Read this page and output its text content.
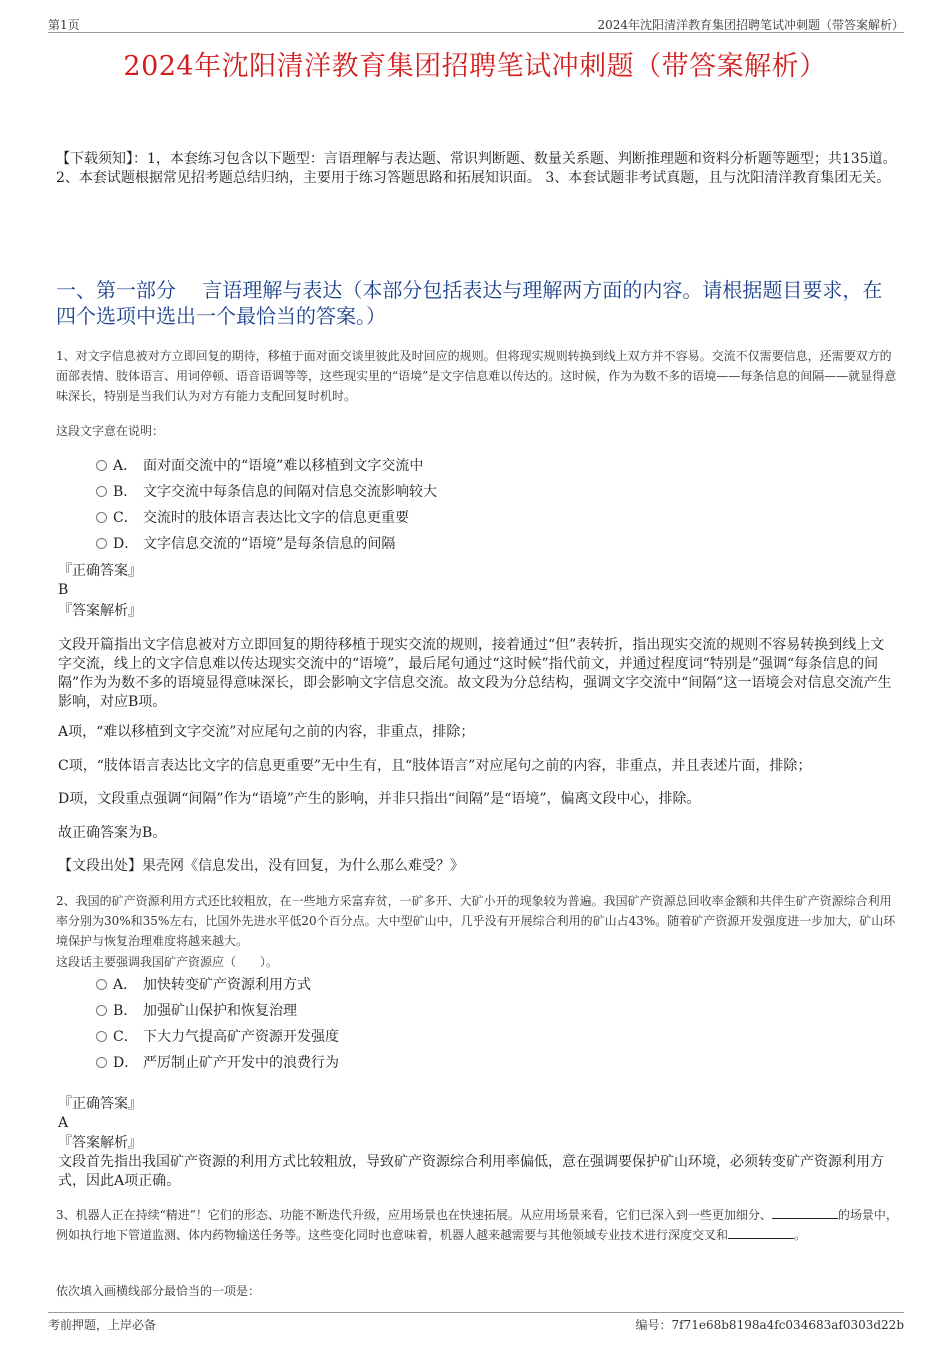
第1页	2024年沈阳清洋教育集团招聘笔试冲刺题（带答案解析）
2024年沈阳清洋教育集团招聘笔试冲刺题（带答案解析）
【下载须知】：1，本套练习包含以下题型：言语理解与表达题、常识判断题、数量关系题、判断推理题和资料分析题等题型；共135道。 2、本套试题根据常见招考题总结归纳，主要用于练习答题思路和拓展知识面。 3、本套试题非考试真题，且与沈阳清洋教育集团无关。
一、第一部分　 言语理解与表达（本部分包括表达与理解两方面的内容。请根据题目要求，在四个选项中选出一个最恰当的答案。）
1、对文字信息被对方立即回复的期待，移植于面对面交谈里彼此及时回应的规则。但将现实规则转换到线上双方并不容易。交流不仅需要信息，还需要双方的面部表情、肢体语言、用词停顿、语音语调等等，这些现实里的“语境”是文字信息难以传达的。这时候，作为为数不多的语境——每条信息的间隔——就显得意味深长，特别是当我们认为对方有能力支配回复时机时。
这段文字意在说明：
A． 面对面交流中的“语境”难以移植到文字交流中
B． 文字交流中每条信息的间隔对信息交流影响较大
C． 交流时的肢体语言表达比文字的信息更重要
D． 文字信息交流的“语境”是每条信息的间隔
『正确答案』
B
『答案解析』
文段开篇指出文字信息被对方立即回复的期待移植于现实交流的规则，接着通过“但”表转折，指出现实交流的规则不容易转换到线上文字交流，线上的文字信息难以传达现实交流中的“语境”，最后尾句通过“这时候”指代前文，并通过程度词“特别是”强调“每条信息的间隔”作为为数不多的语境显得意味深长，即会影响文字信息交流。故文段为分总结构，强调文字交流中“间隔”这一语境会对信息交流产生影响，对应B项。
A项，“难以移植到文字交流”对应尾句之前的内容，非重点，排除；
C项，“肢体语言表达比文字的信息更重要”无中生有，且“肢体语言”对应尾句之前的内容，非重点，并且表述片面，排除；
D项，文段重点强调“间隔”作为“语境”产生的影响，并非只指出“间隔”是“语境”，偏离文段中心，排除。
故正确答案为B。
【文段出处】果壳网《信息发出，没有回复，为什么那么难受？》
2、我国的矿产资源利用方式还比较粗放，在一些地方采富弃贫，一矿多开、大矿小开的现象较为普遍。我国矿产资源总回收率金额和共伴生矿产资源综合利用率分别为30%和35%左右，比国外先进水平低20个百分点。大中型矿山中，几乎没有开展综合利用的矿山占43%。随着矿产资源开发强度进一步加大，矿山环境保护与恢复治理难度将越来越大。
这段话主要强调我国矿产资源应（　　）。
A． 加快转变矿产资源利用方式
B． 加强矿山保护和恢复治理
C． 下大力气提高矿产资源开发强度
D． 严厉制止矿产开发中的浪费行为
『正确答案』
A
『答案解析』
文段首先指出我国矿产资源的利用方式比较粗放，导致矿产资源综合利用率偏低，意在强调要保护矿山环境，必须转变矿产资源利用方式，因此A项正确。
3、机器人正在持续“精进”！它们的形态、功能不断迭代升级，应用场景也在快速拓展。从应用场景来看，它们已深入到一些更加细分、	的场景中，例如执行地下管道监测、体内药物输送任务等。这些变化同时也意味着，机器人越来越需要与其他领域专业技术进行深度交叉和	。
依次填入画横线部分最恰当的一项是：
考前押题，上岸必备	编号：7f71e68b8198a4fc034683af0303d22b
